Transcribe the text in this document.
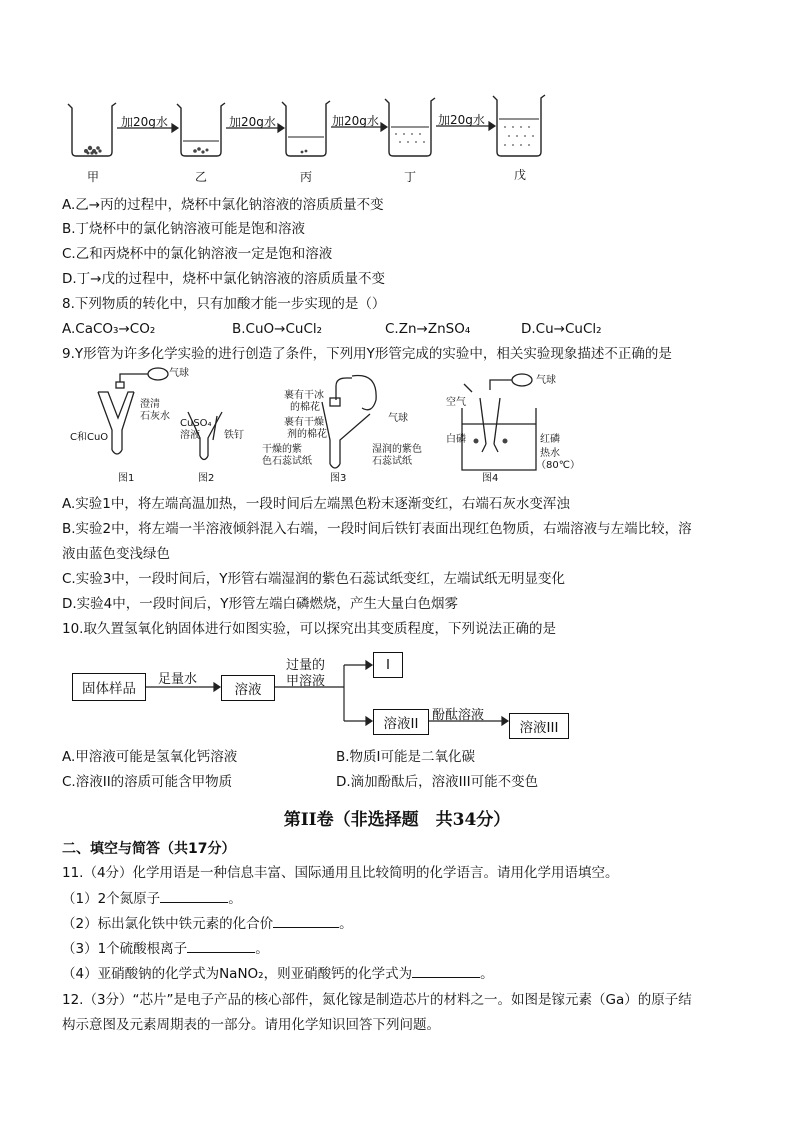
加20g水	加20g水	加20g水	加20g水
甲	乙	丙	丁	戊
A.乙→丙的过程中，烧杯中氯化钠溶液的溶质质量不变
B.丁烧杯中的氯化钠溶液可能是饱和溶液
C.乙和丙烧杯中的氯化钠溶液一定是饱和溶液
D.丁→戊的过程中，烧杯中氯化钠溶液的溶质质量不变
8.下列物质的转化中，只有加酸才能一步实现的是（）
A.CaCO₃→CO₂	B.CuO→CuCl₂	C.Zn→ZnSO₄	D.Cu→CuCl₂
9.Y形管为许多化学实验的进行创造了条件，下列用Y形管完成的实验中，相关实验现象描述不正确的是
C和CuO
气球
澄清
石灰水
图1
CuSO₄
溶液 铁钉
图2
裹有干冰
的棉花
裹有干燥
剂的棉花
干燥的紫
色石蕊试纸
气球
湿润的紫色
石蕊试纸
图3
空气
气球
白磷	红磷
热水
（80℃）
图4
A.实验1中，将左端高温加热，一段时间后左端黑色粉末逐渐变红，右端石灰水变浑浊
B.实验2中，将左端一半溶液倾斜混入右端，一段时间后铁钉表面出现红色物质，右端溶液与左端比较，溶
液由蓝色变浅绿色
C.实验3中，一段时间后，Y形管右端湿润的紫色石蕊试纸变红，左端试纸无明显变化
D.实验4中，一段时间后，Y形管左端白磷燃烧，产生大量白色烟雾
10.取久置氢氧化钠固体进行如图实验，可以探究出其变质程度，下列说法正确的是
固体样品
足量水
溶液
过量的
甲溶液
I
溶液II
酚酞溶液
溶液III
A.甲溶液可能是氢氧化钙溶液	B.物质I可能是二氧化碳
C.溶液II的溶质可能含甲物质	D.滴加酚酞后，溶液III可能不变色
第II卷（非选择题　共34分）
二、填空与简答（共17分）
11.（4分）化学用语是一种信息丰富、国际通用且比较简明的化学语言。请用化学用语填空。
（1）2个氮原子	。
（2）标出氯化铁中铁元素的化合价	。
（3）1个硫酸根离子	。
（4）亚硝酸钠的化学式为NaNO₂，则亚硝酸钙的化学式为	。
12.（3分）“芯片”是电子产品的核心部件，氮化镓是制造芯片的材料之一。如图是镓元素（Ga）的原子结
构示意图及元素周期表的一部分。请用化学知识回答下列问题。
